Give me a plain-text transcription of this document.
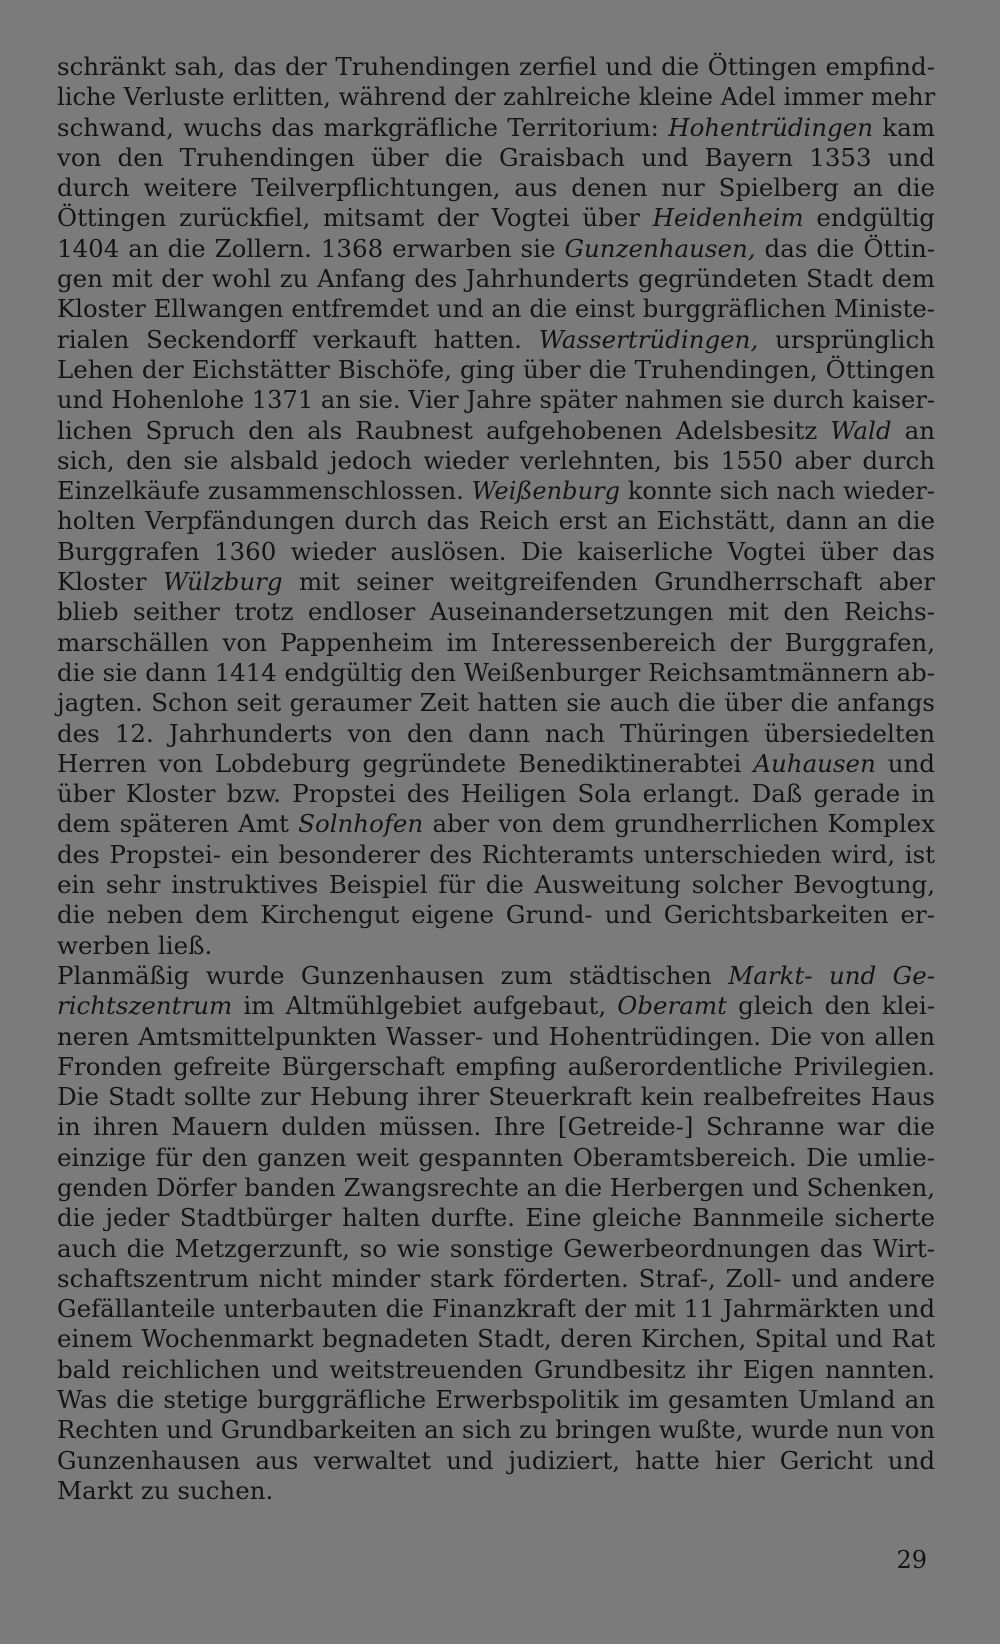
schränkt sah, das der Truhendingen zerfiel und die Öttingen empfind-
liche Verluste erlitten, während der zahlreiche kleine Adel immer mehr
schwand, wuchs das markgräfliche Territorium: Hohentrüdingen kam
von den Truhendingen über die Graisbach und Bayern 1353 und
durch weitere Teilverpflichtungen, aus denen nur Spielberg an die
Öttingen zurückfiel, mitsamt der Vogtei über Heidenheim endgültig
1404 an die Zollern. 1368 erwarben sie Gunzenhausen, das die Öttin-
gen mit der wohl zu Anfang des Jahrhunderts gegründeten Stadt dem
Kloster Ellwangen entfremdet und an die einst burggräflichen Ministe-
rialen Seckendorff verkauft hatten. Wassertrüdingen, ursprünglich
Lehen der Eichstätter Bischöfe, ging über die Truhendingen, Öttingen
und Hohenlohe 1371 an sie. Vier Jahre später nahmen sie durch kaiser-
lichen Spruch den als Raubnest aufgehobenen Adelsbesitz Wald an
sich, den sie alsbald jedoch wieder verlehnten, bis 1550 aber durch
Einzelkäufe zusammenschlossen. Weißenburg konnte sich nach wieder-
holten Verpfändungen durch das Reich erst an Eichstätt, dann an die
Burggrafen 1360 wieder auslösen. Die kaiserliche Vogtei über das
Kloster Wülzburg mit seiner weitgreifenden Grundherrschaft aber
blieb seither trotz endloser Auseinandersetzungen mit den Reichs-
marschällen von Pappenheim im Interessenbereich der Burggrafen,
die sie dann 1414 endgültig den Weißenburger Reichsamtmännern ab-
jagten. Schon seit geraumer Zeit hatten sie auch die über die anfangs
des 12. Jahrhunderts von den dann nach Thüringen übersiedelten
Herren von Lobdeburg gegründete Benediktinerabtei Auhausen und
über Kloster bzw. Propstei des Heiligen Sola erlangt. Daß gerade in
dem späteren Amt Solnhofen aber von dem grundherrlichen Komplex
des Propstei- ein besonderer des Richteramts unterschieden wird, ist
ein sehr instruktives Beispiel für die Ausweitung solcher Bevogtung,
die neben dem Kirchengut eigene Grund- und Gerichtsbarkeiten er-
werben ließ.
Planmäßig wurde Gunzenhausen zum städtischen Markt- und Ge-
richtszentrum im Altmühlgebiet aufgebaut, Oberamt gleich den klei-
neren Amtsmittelpunkten Wasser- und Hohentrüdingen. Die von allen
Fronden gefreite Bürgerschaft empfing außerordentliche Privilegien.
Die Stadt sollte zur Hebung ihrer Steuerkraft kein realbefreites Haus
in ihren Mauern dulden müssen. Ihre [Getreide-] Schranne war die
einzige für den ganzen weit gespannten Oberamtsbereich. Die umlie-
genden Dörfer banden Zwangsrechte an die Herbergen und Schenken,
die jeder Stadtbürger halten durfte. Eine gleiche Bannmeile sicherte
auch die Metzgerzunft, so wie sonstige Gewerbeordnungen das Wirt-
schaftszentrum nicht minder stark förderten. Straf-, Zoll- und andere
Gefällanteile unterbauten die Finanzkraft der mit 11 Jahrmärkten und
einem Wochenmarkt begnadeten Stadt, deren Kirchen, Spital und Rat
bald reichlichen und weitstreuenden Grundbesitz ihr Eigen nannten.
Was die stetige burggräfliche Erwerbspolitik im gesamten Umland an
Rechten und Grundbarkeiten an sich zu bringen wußte, wurde nun von
Gunzenhausen aus verwaltet und judiziert, hatte hier Gericht und
Markt zu suchen.
29
